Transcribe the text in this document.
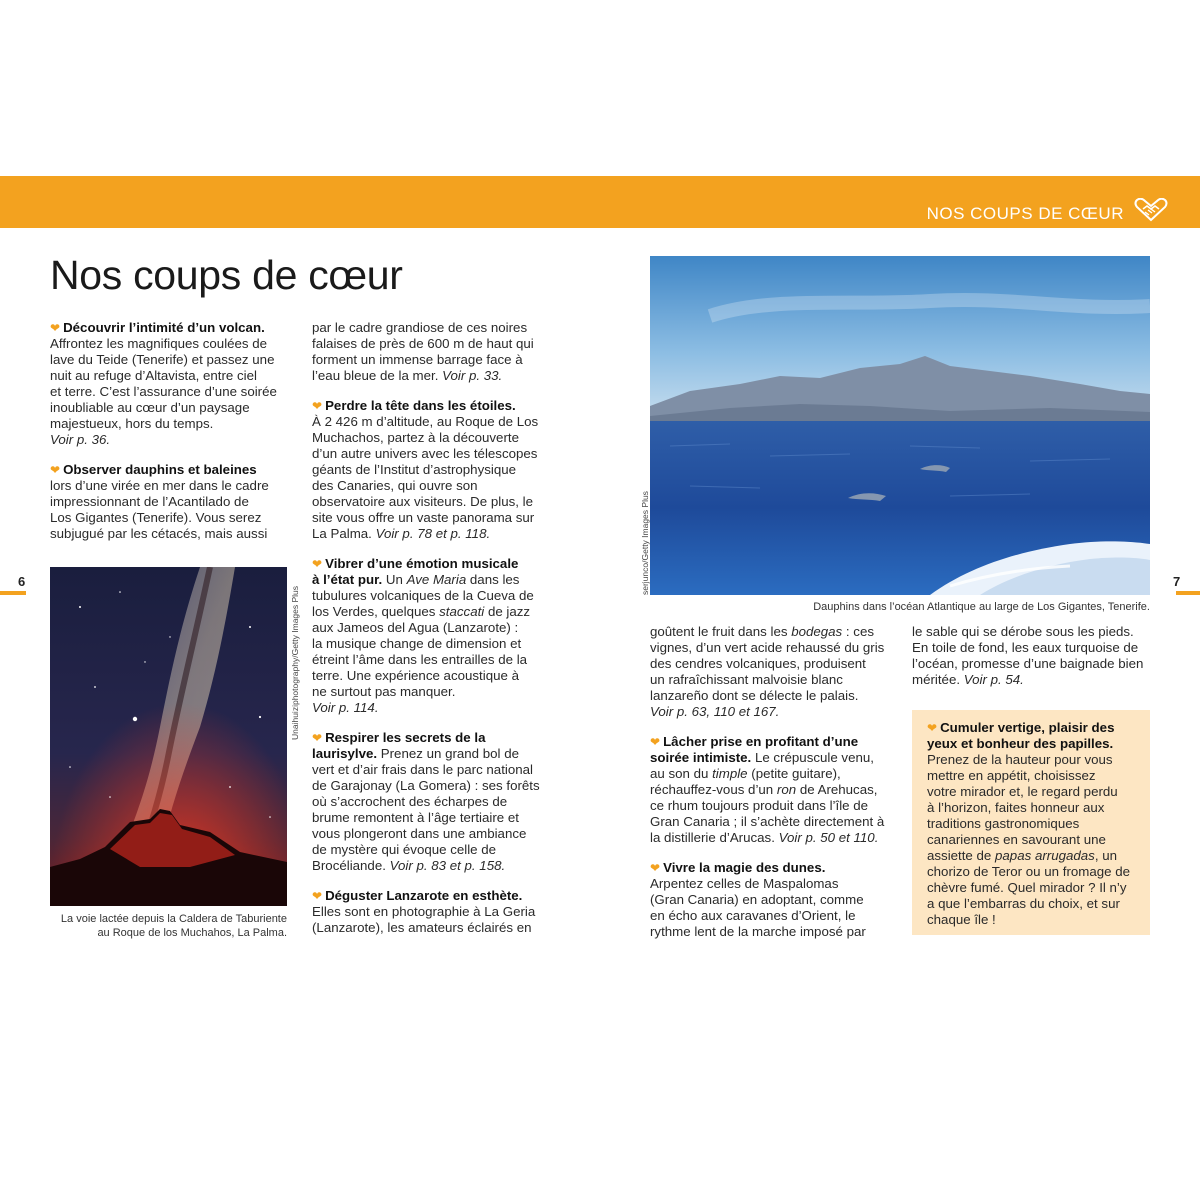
NOS COUPS DE CŒUR
6	7
Nos coups de cœur

❤ Découvrir l’intimité d’un volcan.
Affrontez les magnifiques coulées de
lave du Teide (Tenerife) et passez une
nuit au refuge d’Altavista, entre ciel
et terre. C’est l’assurance d’une soirée
inoubliable au cœur d’un paysage
majestueux, hors du temps.
Voir p. 36.

❤ Observer dauphins et baleines
lors d’une virée en mer dans le cadre
impressionnant de l’Acantilado de
Los Gigantes (Tenerife). Vous serez
subjugué par les cétacés, mais aussi

Unaihuiziphotography/Getty Images Plus
La voie lactée depuis la Caldera de Taburiente
au Roque de los Muchahos, La Palma.

par le cadre grandiose de ces noires
falaises de près de 600 m de haut qui
forment un immense barrage face à
l’eau bleue de la mer. Voir p. 33.

❤ Perdre la tête dans les étoiles.
À 2 426 m d’altitude, au Roque de Los
Muchachos, partez à la découverte
d’un autre univers avec les télescopes
géants de l’Institut d’astrophysique
des Canaries, qui ouvre son
observatoire aux visiteurs. De plus, le
site vous offre un vaste panorama sur
La Palma. Voir p. 78 et p. 118.

❤ Vibrer d’une émotion musicale
à l’état pur. Un Ave Maria dans les
tubulures volcaniques de la Cueva de
los Verdes, quelques staccati de jazz
aux Jameos del Agua (Lanzarote) :
la musique change de dimension et
étreint l’âme dans les entrailles de la
terre. Une expérience acoustique à
ne surtout pas manquer.
Voir p. 114.

❤ Respirer les secrets de la
laurisylve. Prenez un grand bol de
vert et d’air frais dans le parc national
de Garajonay (La Gomera) : ses forêts
où s’accrochent des écharpes de
brume remontent à l’âge tertiaire et
vous plongeront dans une ambiance
de mystère qui évoque celle de
Brocéliande. Voir p. 83 et p. 158.

❤ Déguster Lanzarote en esthète.
Elles sont en photographie à La Geria
(Lanzarote), les amateurs éclairés en

serjunco/Getty Images Plus
Dauphins dans l’océan Atlantique au large de Los Gigantes, Tenerife.

goûtent le fruit dans les bodegas : ces
vignes, d’un vert acide rehaussé du gris
des cendres volcaniques, produisent
un rafraîchissant malvoisie blanc
lanzareño dont se délecte le palais.
Voir p. 63, 110 et 167.

❤ Lâcher prise en profitant d’une
soirée intimiste. Le crépuscule venu,
au son du timple (petite guitare),
réchauffez-vous d’un ron de Arehucas,
ce rhum toujours produit dans l’île de
Gran Canaria ; il s’achète directement à
la distillerie d’Arucas. Voir p. 50 et 110.

❤ Vivre la magie des dunes.
Arpentez celles de Maspalomas
(Gran Canaria) en adoptant, comme
en écho aux caravanes d’Orient, le
rythme lent de la marche imposé par

le sable qui se dérobe sous les pieds.
En toile de fond, les eaux turquoise de
l’océan, promesse d’une baignade bien
méritée. Voir p. 54.

❤ Cumuler vertige, plaisir des
yeux et bonheur des papilles.
Prenez de la hauteur pour vous
mettre en appétit, choisissez
votre mirador et, le regard perdu
à l’horizon, faites honneur aux
traditions gastronomiques
canariennes en savourant une
assiette de papas arrugadas, un
chorizo de Teror ou un fromage de
chèvre fumé. Quel mirador ? Il n’y
a que l’embarras du choix, et sur
chaque île !
